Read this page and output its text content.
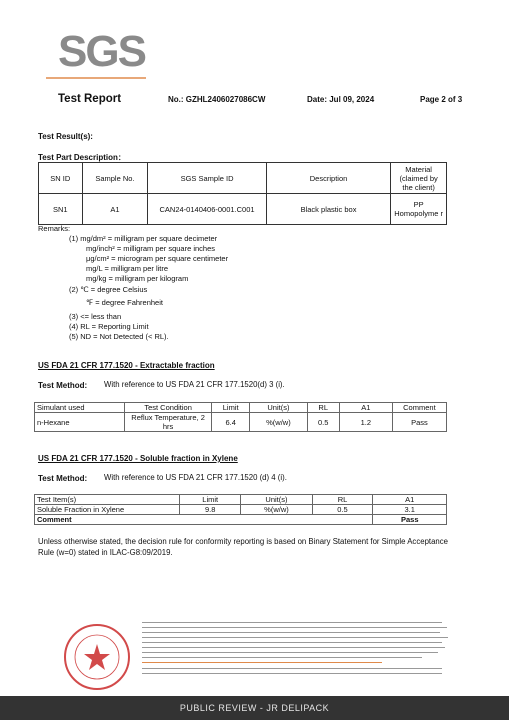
SGS
Test Report	No.: GZHL2406027086CW	Date: Jul 09, 2024	Page 2 of 3
Test Result(s):
Test Part Description：
SN ID	Sample No.	SGS Sample ID	Description	Material (claimed by the client)
SN1	A1	CAN24-0140406-0001.C001	Black plastic box	PP Homopolyme r
Remarks:
(1) mg/dm² = milligram per square decimeter
mg/inch² = milligram per square inches
μg/cm² = microgram per square centimeter
mg/L = milligram per litre
mg/kg = milligram per kilogram
(2) ℃ = degree Celsius
℉ = degree Fahrenheit
(3) <= less than
(4) RL = Reporting Limit
(5) ND = Not Detected (< RL).
US FDA 21 CFR 177.1520 - Extractable fraction
Test Method: With reference to US FDA 21 CFR 177.1520(d) 3 (i).
Simulant used	Test Condition	Limit	Unit(s)	RL	A1	Comment
n-Hexane	Reflux Temperature, 2 hrs	6.4	%(w/w)	0.5	1.2	Pass
US FDA 21 CFR 177.1520 - Soluble fraction in Xylene
Test Method: With reference to US FDA 21 CFR 177.1520 (d) 4 (i).
Test Item(s)	Limit	Unit(s)	RL	A1
Soluble Fraction in Xylene	9.8	%(w/w)	0.5	3.1
Comment				Pass
Unless otherwise stated, the decision rule for conformity reporting is based on Binary Statement for Simple Acceptance Rule (w=0) stated in ILAC-G8:09/2019.
PUBLIC REVIEW - JR DELIPACK
